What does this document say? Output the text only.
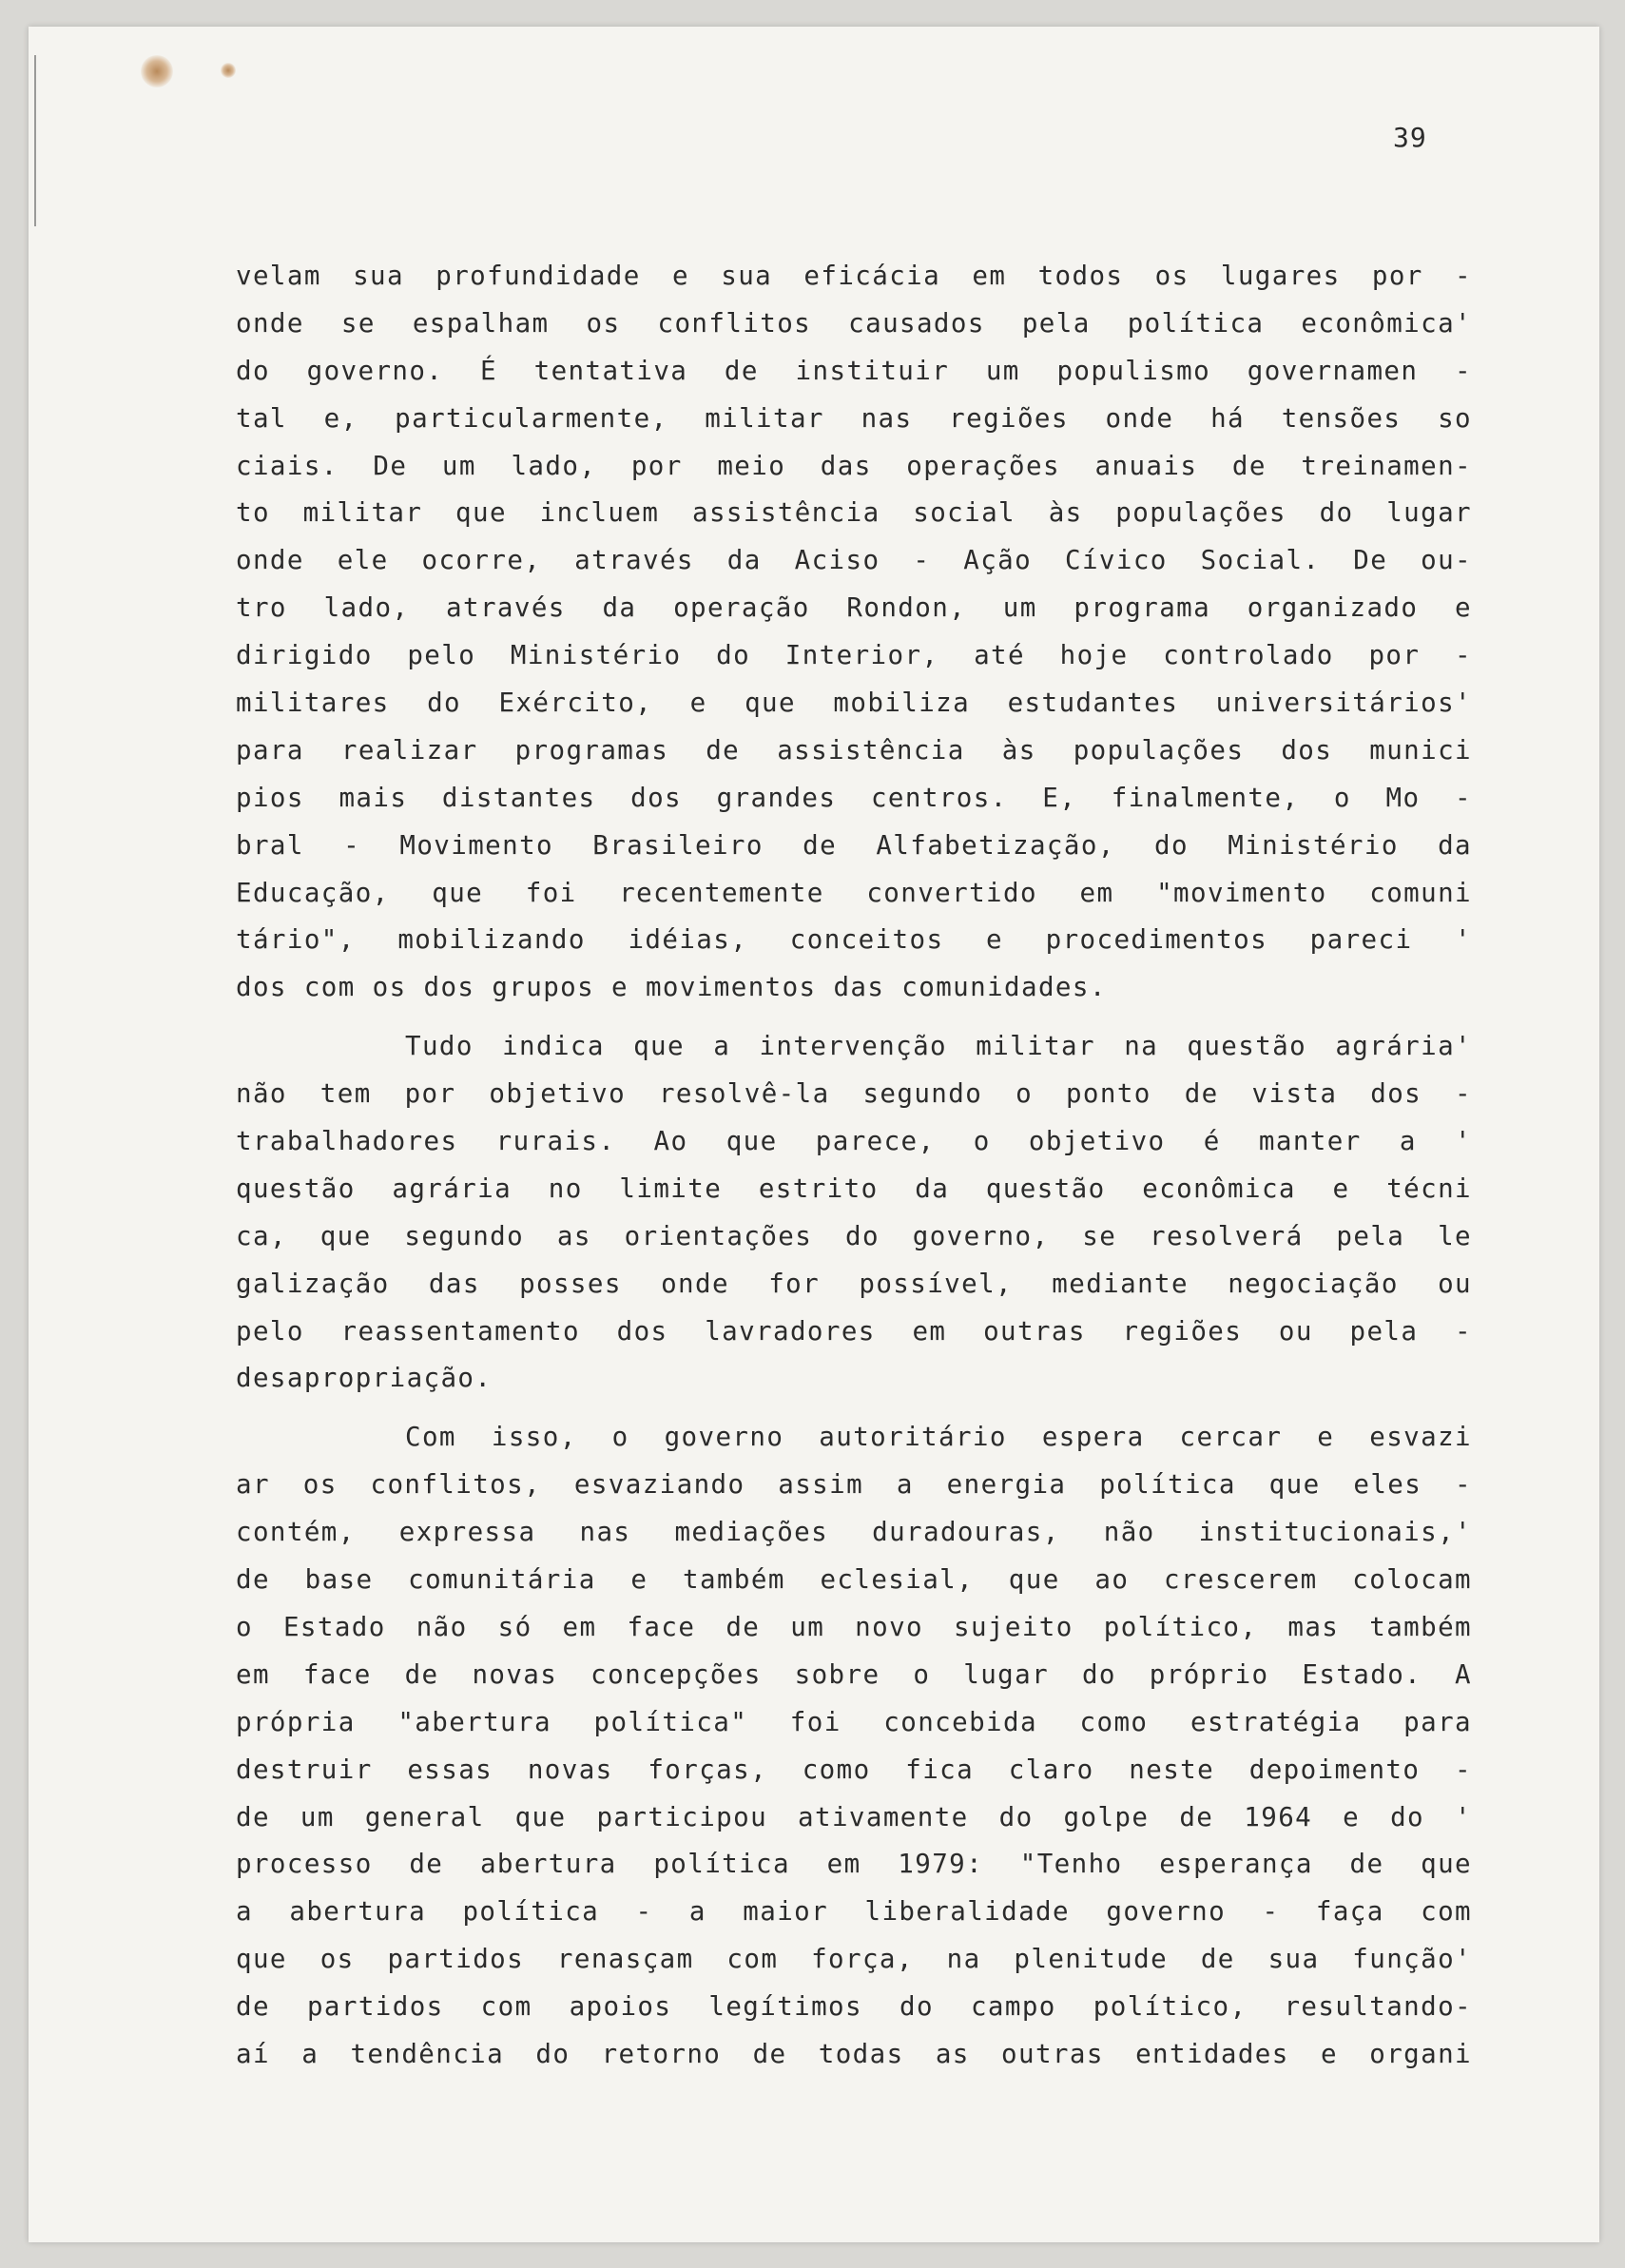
39
velam sua profundidade e sua eficácia em todos os lugares por -
onde se espalham os conflitos causados pela política econômica'
do governo. É tentativa de instituir um populismo governamen -
tal e, particularmente, militar nas regiões onde há tensões so
ciais. De um lado, por meio das operações anuais de treinamen-
to militar que incluem assistência social às populações do lugar
onde ele ocorre, através da Aciso - Ação Cívico Social. De ou-
tro lado, através da operação Rondon, um programa organizado e
dirigido pelo Ministério do Interior, até hoje controlado por -
militares do Exército, e que mobiliza estudantes universitários'
para realizar programas de assistência às populações dos munici
pios mais distantes dos grandes centros. E, finalmente, o Mo -
bral - Movimento Brasileiro de Alfabetização, do Ministério da
Educação, que foi recentemente convertido em "movimento comuni
tário", mobilizando idéias, conceitos e procedimentos pareci '
dos com os dos grupos e movimentos das comunidades.
Tudo indica que a intervenção militar na questão agrária'
não tem por objetivo resolvê-la segundo o ponto de vista dos -
trabalhadores rurais. Ao que parece, o objetivo é manter a '
questão agrária no limite estrito da questão econômica e técni
ca, que segundo as orientações do governo, se resolverá pela le
galização das posses onde for possível, mediante negociação ou
pelo reassentamento dos lavradores em outras regiões ou pela -
desapropriação.
Com isso, o governo autoritário espera cercar e esvazi
ar os conflitos, esvaziando assim a energia política que eles -
contém, expressa nas mediações duradouras, não institucionais,'
de base comunitária e também eclesial, que ao crescerem colocam
o Estado não só em face de um novo sujeito político, mas também
em face de novas concepções sobre o lugar do próprio Estado. A
própria "abertura política" foi concebida como estratégia para
destruir essas novas forças, como fica claro neste depoimento -
de um general que participou ativamente do golpe de 1964 e do '
processo de abertura política em 1979: "Tenho esperança de que
a abertura política - a maior liberalidade governo - faça com
que os partidos renasçam com força, na plenitude de sua função'
de partidos com apoios legítimos do campo político, resultando-
aí a tendência do retorno de todas as outras entidades e organi
